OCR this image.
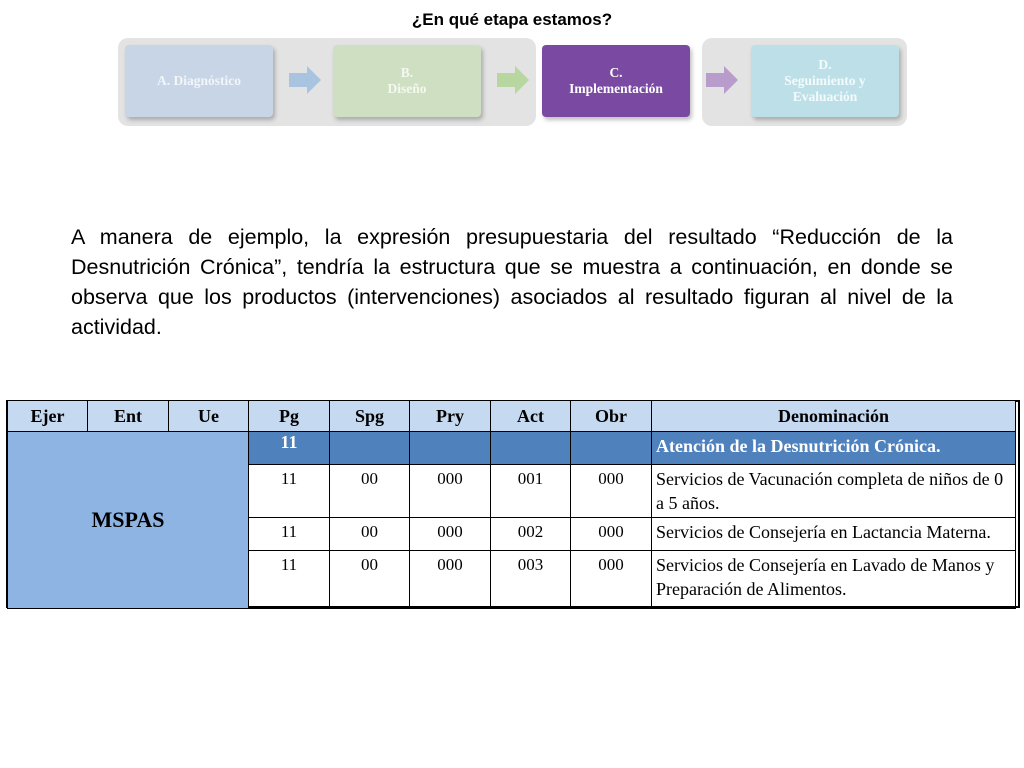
¿En qué etapa estamos?
A. Diagnóstico
B.
Diseño
C.
Implementación
D.
Seguimiento y
Evaluación
A manera de ejemplo, la expresión presupuestaria del resultado “Reducción de la Desnutrición Crónica”, tendría la estructura que se muestra a continuación, en donde se observa que los productos (intervenciones) asociados al resultado figuran al nivel de la actividad.
Ejer	Ent	Ue	Pg	Spg	Pry	Act	Obr	Denominación
MSPAS			11					Atención de la Desnutrición Crónica.
			11	00	000	001	000	Servicios de Vacunación completa de niños de 0 a 5 años.
			11	00	000	002	000	Servicios de Consejería en Lactancia Materna.
			11	00	000	003	000	Servicios de Consejería en Lavado de Manos y Preparación de Alimentos.
